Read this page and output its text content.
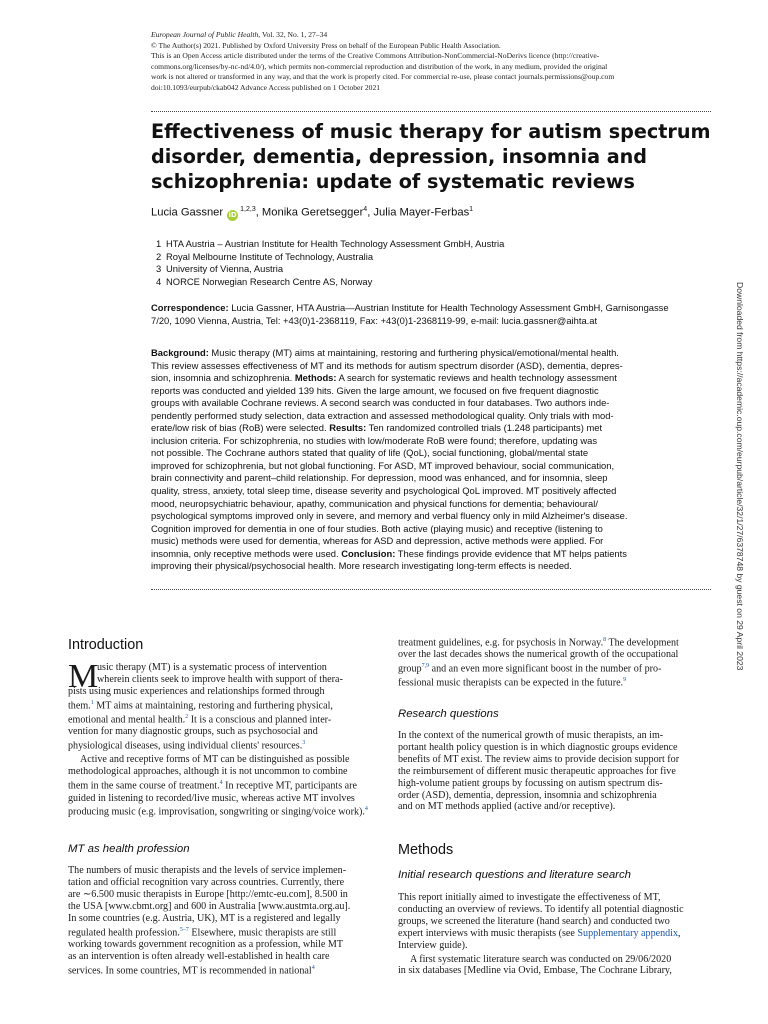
European Journal of Public Health, Vol. 32, No. 1, 27–34
© The Author(s) 2021. Published by Oxford University Press on behalf of the European Public Health Association.
This is an Open Access article distributed under the terms of the Creative Commons Attribution-NonCommercial-NoDerivs licence (http://creative-
commons.org/licenses/by-nc-nd/4.0/), which permits non-commercial reproduction and distribution of the work, in any medium, provided the original
work is not altered or transformed in any way, and that the work is properly cited. For commercial re-use, please contact journals.permissions@oup.com
doi:10.1093/eurpub/ckab042 Advance Access published on 1 October 2021
Effectiveness of music therapy for autism spectrum
disorder, dementia, depression, insomnia and
schizophrenia: update of systematic reviews
Lucia Gassner iD$^{1,2,3}$, Monika Geretsegger$^4$, Julia Mayer-Ferbas$^1$
1 HTA Austria – Austrian Institute for Health Technology Assessment GmbH, Austria
2 Royal Melbourne Institute of Technology, Australia
3 University of Vienna, Austria
4 NORCE Norwegian Research Centre AS, Norway
Correspondence: Lucia Gassner, HTA Austria—Austrian Institute for Health Technology Assessment GmbH, Garnisongasse
7/20, 1090 Vienna, Austria, Tel: +43(0)1-2368119, Fax: +43(0)1-2368119-99, e-mail: lucia.gassner@aihta.at
Background: Music therapy (MT) aims at maintaining, restoring and furthering physical/emotional/mental health.
This review assesses effectiveness of MT and its methods for autism spectrum disorder (ASD), dementia, depres-
sion, insomnia and schizophrenia. Methods: A search for systematic reviews and health technology assessment
reports was conducted and yielded 139 hits. Given the large amount, we focused on five frequent diagnostic
groups with available Cochrane reviews. A second search was conducted in four databases. Two authors inde-
pendently performed study selection, data extraction and assessed methodological quality. Only trials with mod-
erate/low risk of bias (RoB) were selected. Results: Ten randomized controlled trials (1.248 participants) met
inclusion criteria. For schizophrenia, no studies with low/moderate RoB were found; therefore, updating was
not possible. The Cochrane authors stated that quality of life (QoL), social functioning, global/mental state
improved for schizophrenia, but not global functioning. For ASD, MT improved behaviour, social communication,
brain connectivity and parent–child relationship. For depression, mood was enhanced, and for insomnia, sleep
quality, stress, anxiety, total sleep time, disease severity and psychological QoL improved. MT positively affected
mood, neuropsychiatric behaviour, apathy, communication and physical functions for dementia; behavioural/
psychological symptoms improved only in severe, and memory and verbal fluency only in mild Alzheimer's disease.
Cognition improved for dementia in one of four studies. Both active (playing music) and receptive (listening to
music) methods were used for dementia, whereas for ASD and depression, active methods were applied. For
insomnia, only receptive methods were used. Conclusion: These findings provide evidence that MT helps patients
improving their physical/psychosocial health. More research investigating long-term effects is needed.	Downloaded from https://academic.oup.com/eurpub/article/32/1/27/6378748 by guest on 29 April 2023
Introduction
M
usic therapy (MT) is a systematic process of intervention
wherein clients seek to improve health with support of thera-
pists using music experiences and relationships formed through
them.$^1$ MT aims at maintaining, restoring and furthering physical,
emotional and mental health.$^2$ It is a conscious and planned inter-
vention for many diagnostic groups, such as psychosocial and
physiological diseases, using individual clients' resources.$^3$
Active and receptive forms of MT can be distinguished as possible
methodological approaches, although it is not uncommon to combine
them in the same course of treatment.$^4$ In receptive MT, participants are
guided in listening to recorded/live music, whereas active MT involves
producing music (e.g. improvisation, songwriting or singing/voice work).$^4$
MT as health profession
The numbers of music therapists and the levels of service implemen-
tation and official recognition vary across countries. Currently, there
are ∼6.500 music therapists in Europe [http://emtc-eu.com], 8.500 in
the USA [www.cbmt.org] and 600 in Australia [www.austmta.org.au].
In some countries (e.g. Austria, UK), MT is a registered and legally
regulated health profession.$^{5-7}$ Elsewhere, music therapists are still
working towards government recognition as a profession, while MT
as an intervention is often already well-established in health care
services. In some countries, MT is recommended in national$^4$
treatment guidelines, e.g. for psychosis in Norway.$^8$ The development
over the last decades shows the numerical growth of the occupational
group$^{7,9}$ and an even more significant boost in the number of pro-
fessional music therapists can be expected in the future.$^9$
Research questions
In the context of the numerical growth of music therapists, an im-
portant health policy question is in which diagnostic groups evidence
benefits of MT exist. The review aims to provide decision support for
the reimbursement of different music therapeutic approaches for five
high-volume patient groups by focussing on autism spectrum dis-
order (ASD), dementia, depression, insomnia and schizophrenia
and on MT methods applied (active and/or receptive).
Methods
Initial research questions and literature search
This report initially aimed to investigate the effectiveness of MT,
conducting an overview of reviews. To identify all potential diagnostic
groups, we screened the literature (hand search) and conducted two
expert interviews with music therapists (see Supplementary appendix,
Interview guide).
A first systematic literature search was conducted on 29/06/2020
in six databases [Medline via Ovid, Embase, The Cochrane Library,
